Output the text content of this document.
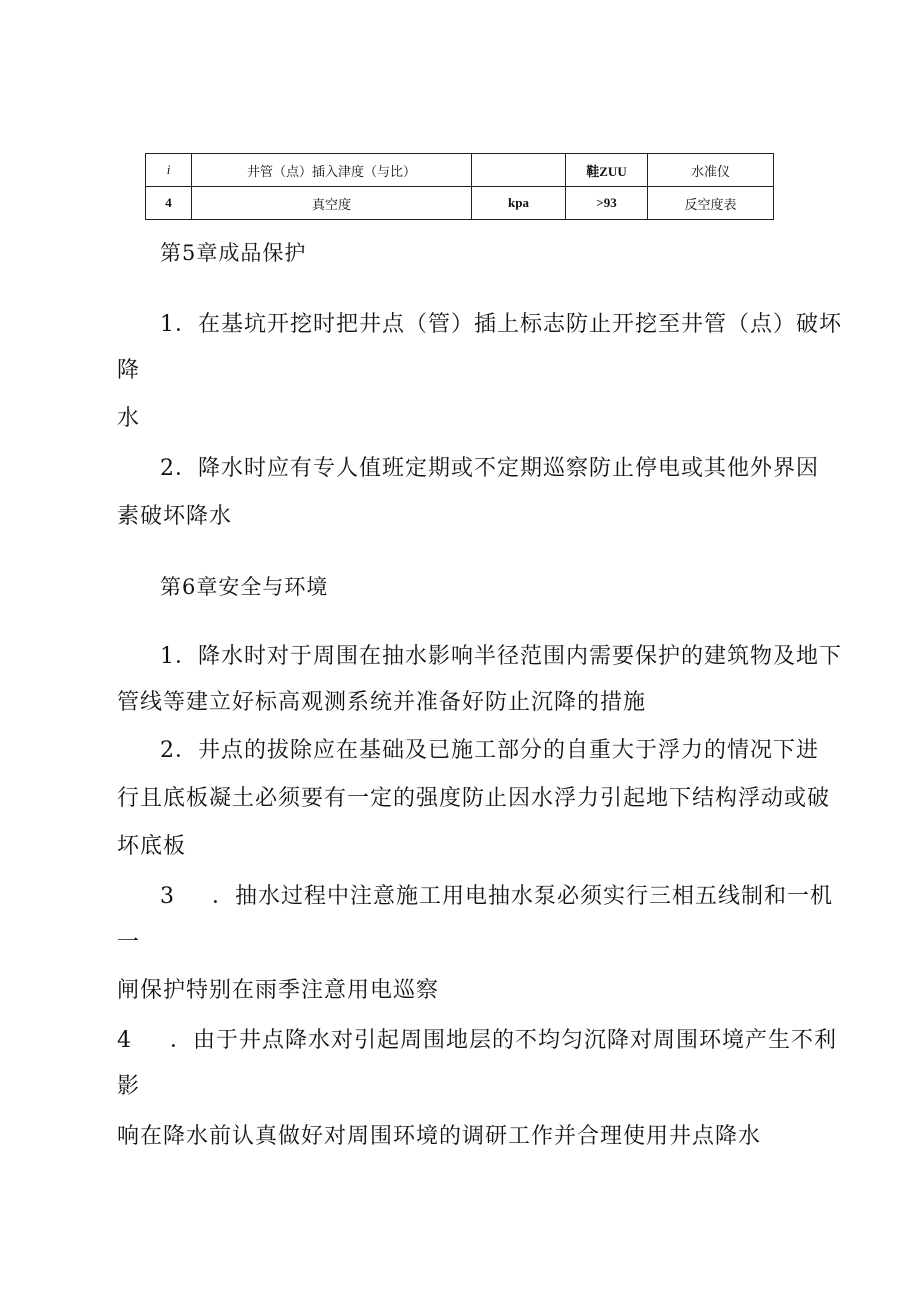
i	井管（点）插入津度（与比）		鞋ZUU	水准仪
4	真空度	kpa	>93	反空度表
第5章成品保护
1．在基坑开挖时把井点（管）插上标志防止开挖至井管（点）破坏
降
水
2．降水时应有专人值班定期或不定期巡察防止停电或其他外界因
素破坏降水
第6章安全与环境
1．降水时对于周围在抽水影响半径范围内需要保护的建筑物及地下
管线等建立好标高观测系统并准备好防止沉降的措施
2．井点的拔除应在基础及已施工部分的自重大于浮力的情况下进
行且底板凝土必须要有一定的强度防止因水浮力引起地下结构浮动或破
坏底板
3 ．抽水过程中注意施工用电抽水泵必须实行三相五线制和一机
一
闸保护特别在雨季注意用电巡察
4 ．由于井点降水对引起周围地层的不均匀沉降对周围环境产生不利
影
响在降水前认真做好对周围环境的调研工作并合理使用井点降水
